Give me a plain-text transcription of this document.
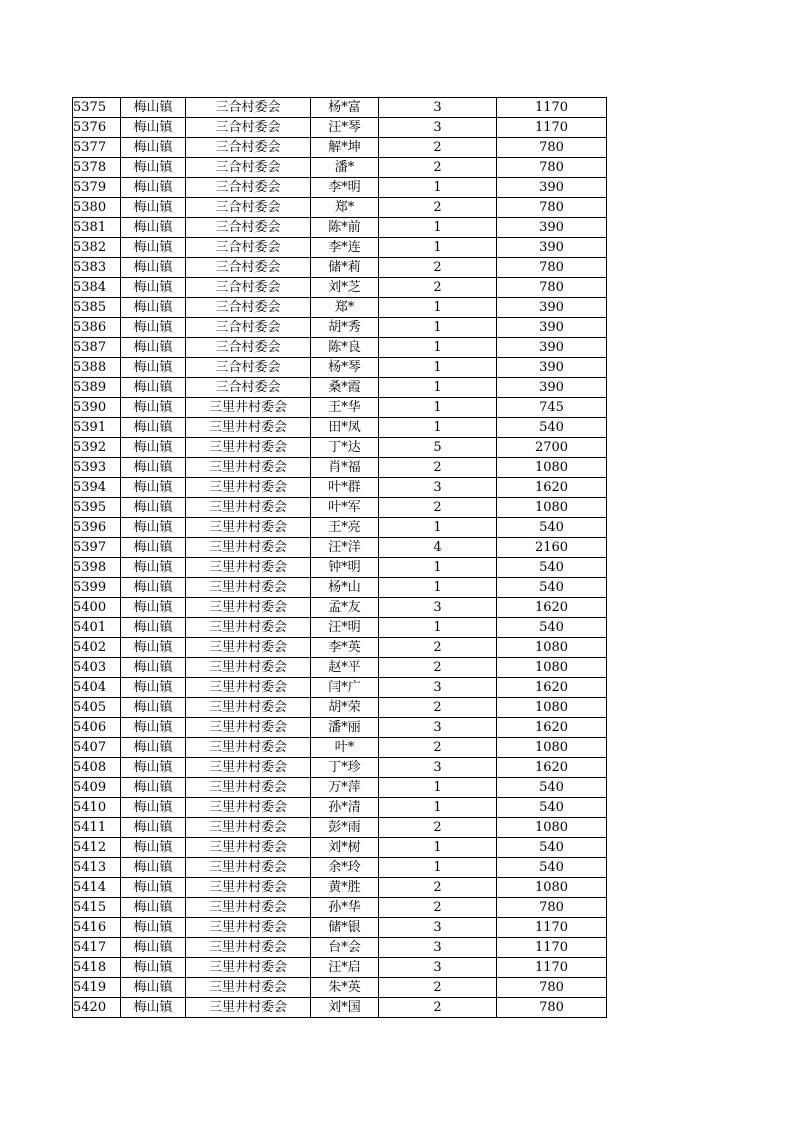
5375	梅山镇	三合村委会	杨*富	3	1170
5376	梅山镇	三合村委会	汪*琴	3	1170
5377	梅山镇	三合村委会	解*坤	2	780
5378	梅山镇	三合村委会	潘*	2	780
5379	梅山镇	三合村委会	李*明	1	390
5380	梅山镇	三合村委会	郑*	2	780
5381	梅山镇	三合村委会	陈*前	1	390
5382	梅山镇	三合村委会	李*连	1	390
5383	梅山镇	三合村委会	储*莉	2	780
5384	梅山镇	三合村委会	刘*芝	2	780
5385	梅山镇	三合村委会	郑*	1	390
5386	梅山镇	三合村委会	胡*秀	1	390
5387	梅山镇	三合村委会	陈*良	1	390
5388	梅山镇	三合村委会	杨*琴	1	390
5389	梅山镇	三合村委会	桑*霞	1	390
5390	梅山镇	三里井村委会	王*华	1	745
5391	梅山镇	三里井村委会	田*凤	1	540
5392	梅山镇	三里井村委会	丁*达	5	2700
5393	梅山镇	三里井村委会	肖*福	2	1080
5394	梅山镇	三里井村委会	叶*群	3	1620
5395	梅山镇	三里井村委会	叶*军	2	1080
5396	梅山镇	三里井村委会	王*亮	1	540
5397	梅山镇	三里井村委会	汪*洋	4	2160
5398	梅山镇	三里井村委会	钟*明	1	540
5399	梅山镇	三里井村委会	杨*山	1	540
5400	梅山镇	三里井村委会	孟*友	3	1620
5401	梅山镇	三里井村委会	汪*明	1	540
5402	梅山镇	三里井村委会	李*英	2	1080
5403	梅山镇	三里井村委会	赵*平	2	1080
5404	梅山镇	三里井村委会	闫*广	3	1620
5405	梅山镇	三里井村委会	胡*荣	2	1080
5406	梅山镇	三里井村委会	潘*丽	3	1620
5407	梅山镇	三里井村委会	叶*	2	1080
5408	梅山镇	三里井村委会	丁*珍	3	1620
5409	梅山镇	三里井村委会	万*萍	1	540
5410	梅山镇	三里井村委会	孙*清	1	540
5411	梅山镇	三里井村委会	彭*雨	2	1080
5412	梅山镇	三里井村委会	刘*树	1	540
5413	梅山镇	三里井村委会	余*玲	1	540
5414	梅山镇	三里井村委会	黄*胜	2	1080
5415	梅山镇	三里井村委会	孙*华	2	780
5416	梅山镇	三里井村委会	储*银	3	1170
5417	梅山镇	三里井村委会	台*会	3	1170
5418	梅山镇	三里井村委会	汪*启	3	1170
5419	梅山镇	三里井村委会	朱*英	2	780
5420	梅山镇	三里井村委会	刘*国	2	780
